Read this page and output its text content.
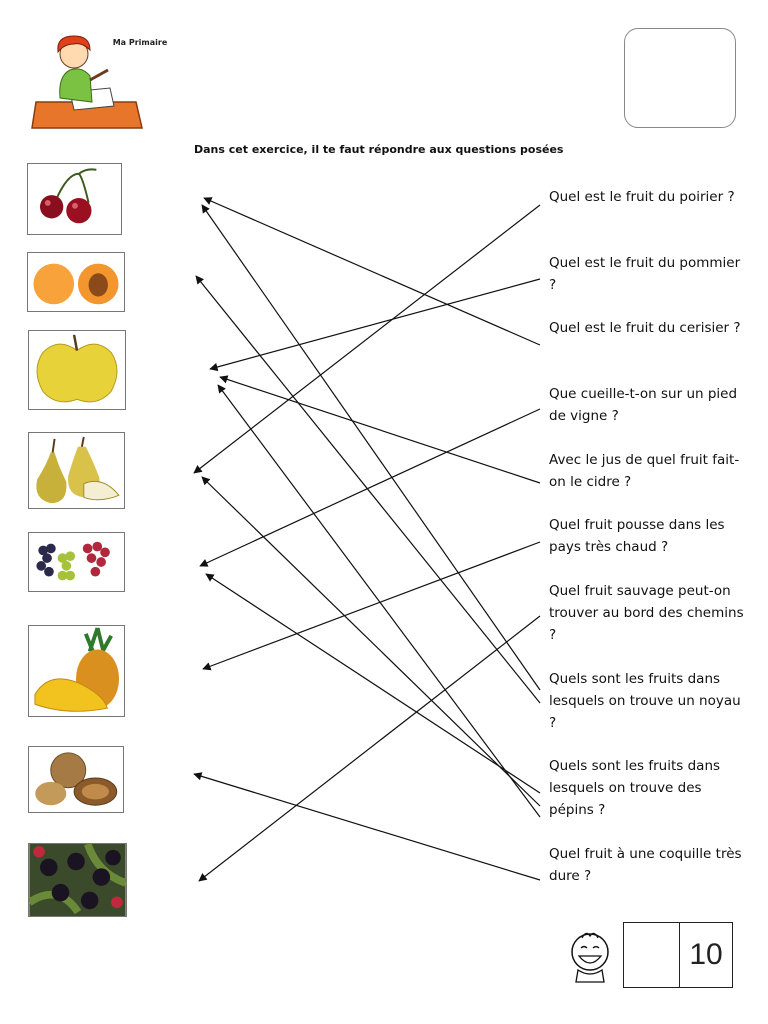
Ma Primaire
Dans cet exercice, il te faut répondre aux questions posées
Quel est le fruit du poirier ?
Quel est le fruit du pommier ?
Quel est le fruit du cerisier ?
Que cueille-t-on sur un pied de vigne ?
Avec le jus de quel fruit fait-on le cidre ?
Quel fruit pousse dans les pays très chaud ?
Quel fruit sauvage peut-on trouver au bord des chemins ?
Quels sont les fruits dans lesquels on trouve un noyau ?
Quels sont les fruits dans lesquels on trouve des pépins ?
Quel fruit à une coquille très dure ?
10
